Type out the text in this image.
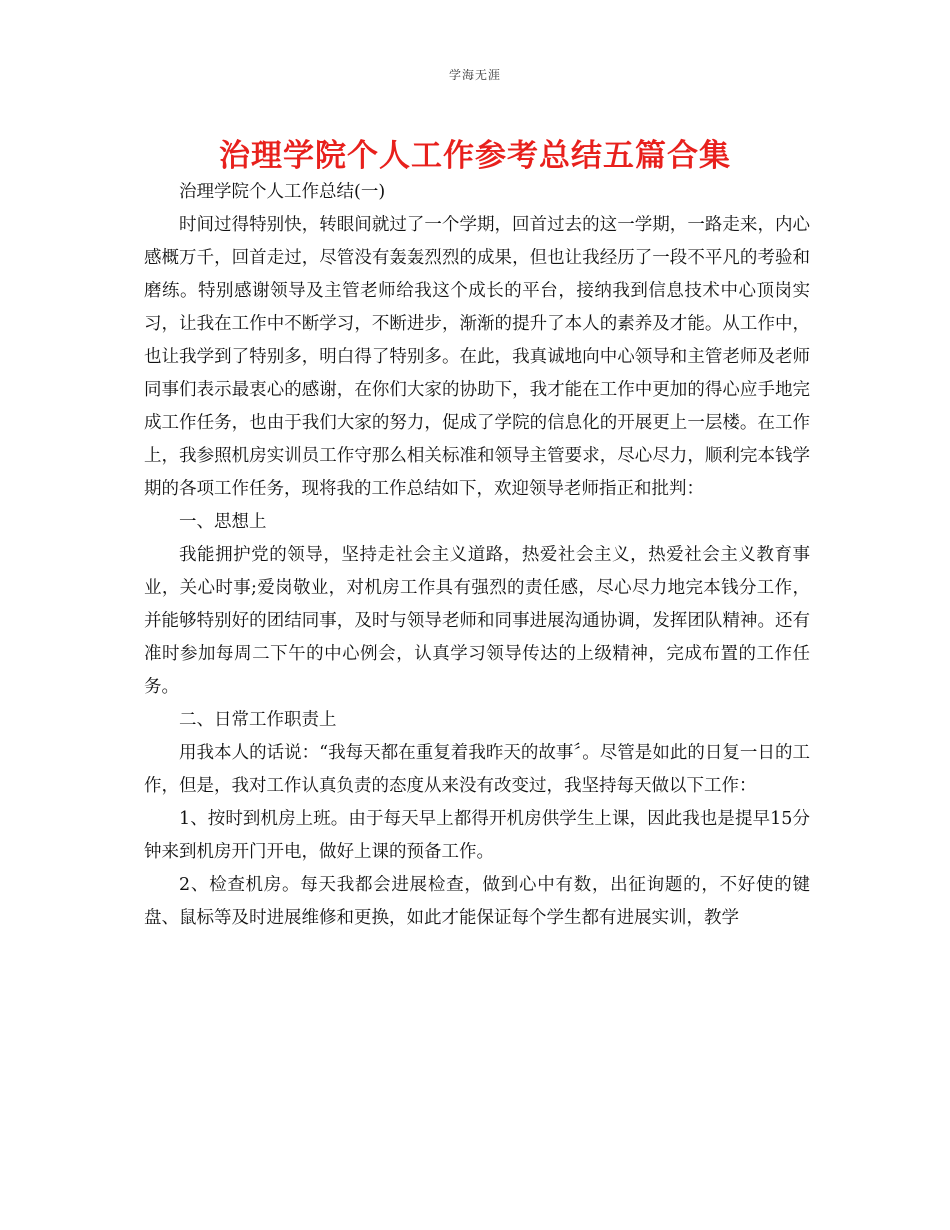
学海无涯
治理学院个人工作参考总结五篇合集

治理学院个人工作总结(一)

时间过得特别快，转眼间就过了一个学期，回首过去的这一学期，一路走来，内心感概万千，回首走过，尽管没有轰轰烈烈的成果，但也让我经历了一段不平凡的考验和磨练。特别感谢领导及主管老师给我这个成长的平台，接纳我到信息技术中心顶岗实习，让我在工作中不断学习，不断进步，渐渐的提升了本人的素养及才能。从工作中，也让我学到了特别多，明白得了特别多。在此，我真诚地向中心领导和主管老师及老师同事们表示最衷心的感谢，在你们大家的协助下，我才能在工作中更加的得心应手地完成工作任务，也由于我们大家的努力，促成了学院的信息化的开展更上一层楼。在工作上，我参照机房实训员工作守那么相关标准和领导主管要求，尽心尽力，顺利完本钱学期的各项工作任务，现将我的工作总结如下，欢迎领导老师指正和批判：

一、思想上

我能拥护党的领导，坚持走社会主义道路，热爱社会主义，热爱社会主义教育事业，关心时事;爱岗敬业，对机房工作具有强烈的责任感，尽心尽力地完本钱分工作，并能够特别好的团结同事，及时与领导老师和同事进展沟通协调，发挥团队精神。还有准时参加每周二下午的中心例会，认真学习领导传达的上级精神，完成布置的工作任务。

二、日常工作职责上

用我本人的话说：“我每天都在重复着我昨天的故事〞。尽管是如此的日复一日的工作，但是，我对工作认真负责的态度从来没有改变过，我坚持每天做以下工作：

1、按时到机房上班。由于每天早上都得开机房供学生上课，因此我也是提早15分钟来到机房开门开电，做好上课的预备工作。

2、检查机房。每天我都会进展检查，做到心中有数，出征询题的，不好使的键盘、鼠标等及时进展维修和更换，如此才能保证每个学生都有进展实训，教学
